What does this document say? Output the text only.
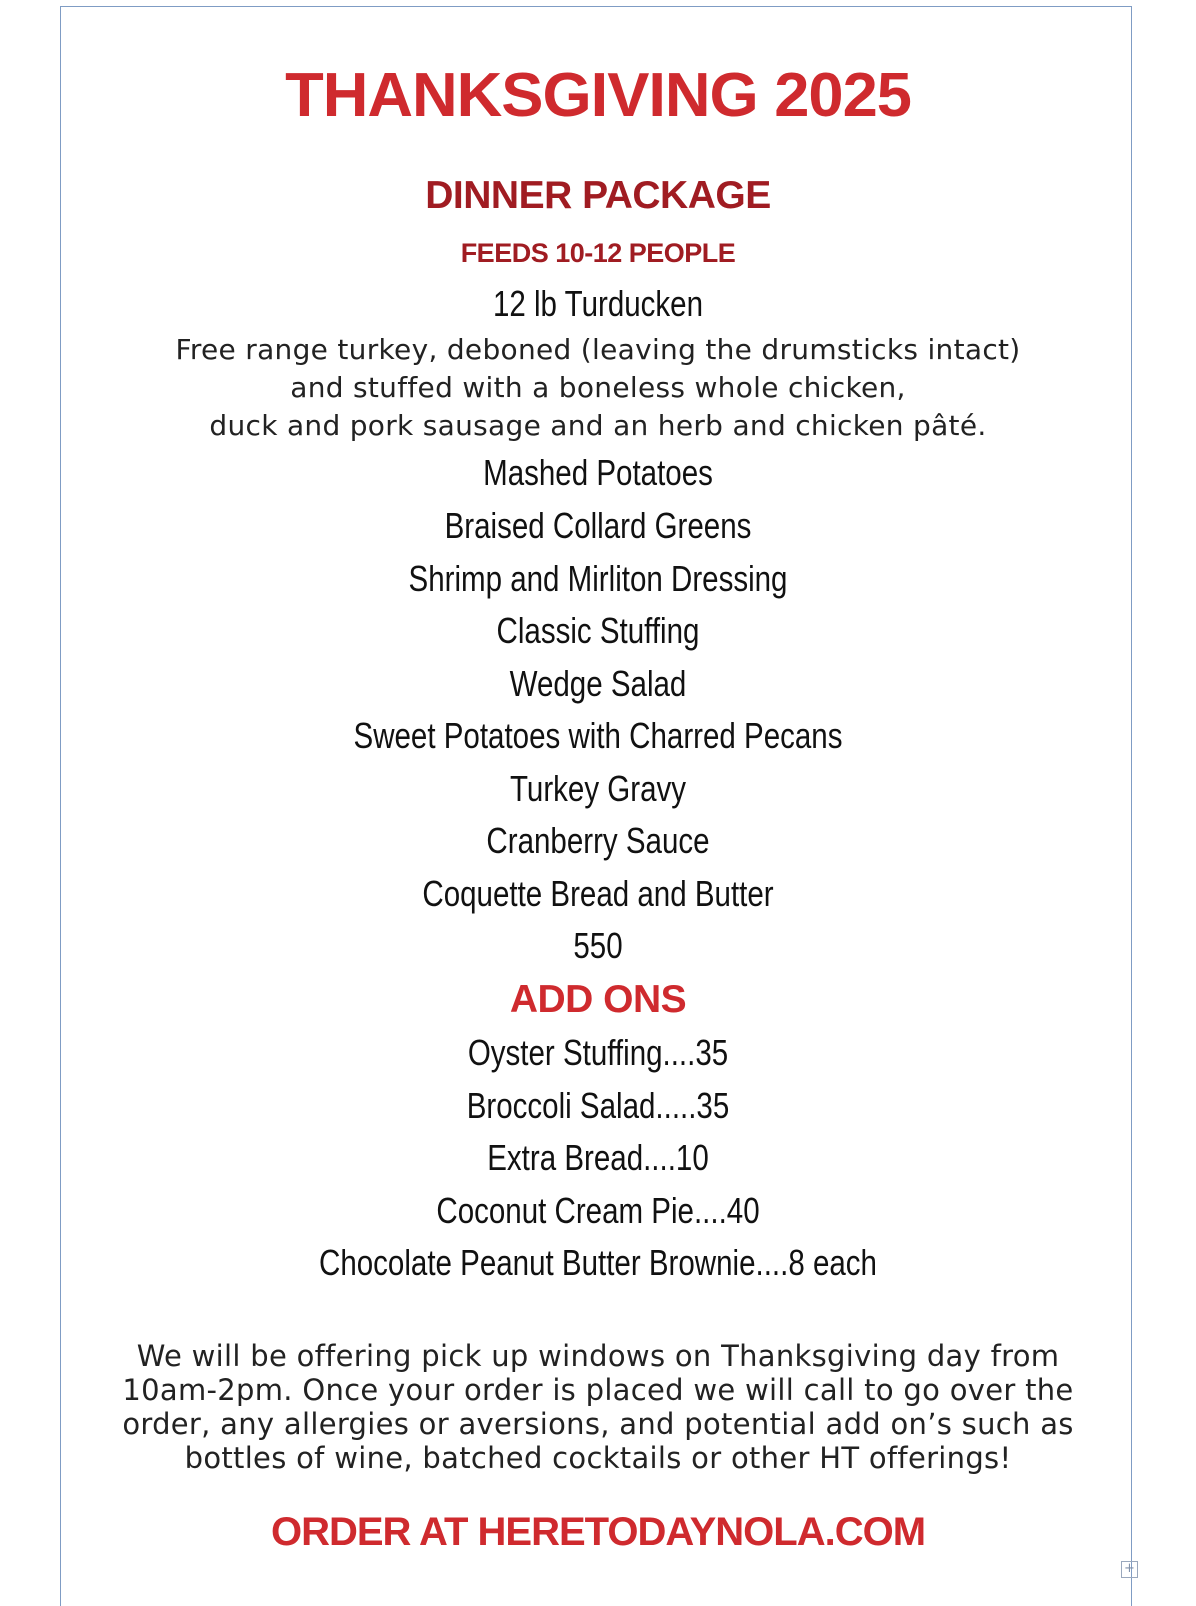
THANKSGIVING 2025
DINNER PACKAGE
FEEDS 10-12 PEOPLE
12 lb Turducken
Free range turkey, deboned (leaving the drumsticks intact)
and stuffed with a boneless whole chicken,
duck and pork sausage and an herb and chicken pâté.
Mashed Potatoes
Braised Collard Greens
Shrimp and Mirliton Dressing
Classic Stuffing
Wedge Salad
Sweet Potatoes with Charred Pecans
Turkey Gravy
Cranberry Sauce
Coquette Bread and Butter
550
ADD ONS
Oyster Stuffing....35
Broccoli Salad.....35
Extra Bread....10
Coconut Cream Pie....40
Chocolate Peanut Butter Brownie....8 each
We will be offering pick up windows on Thanksgiving day from
10am-2pm. Once your order is placed we will call to go over the
order, any allergies or aversions, and potential add on’s such as
bottles of wine, batched cocktails or other HT offerings!
ORDER AT HERETODAYNOLA.COM
+
